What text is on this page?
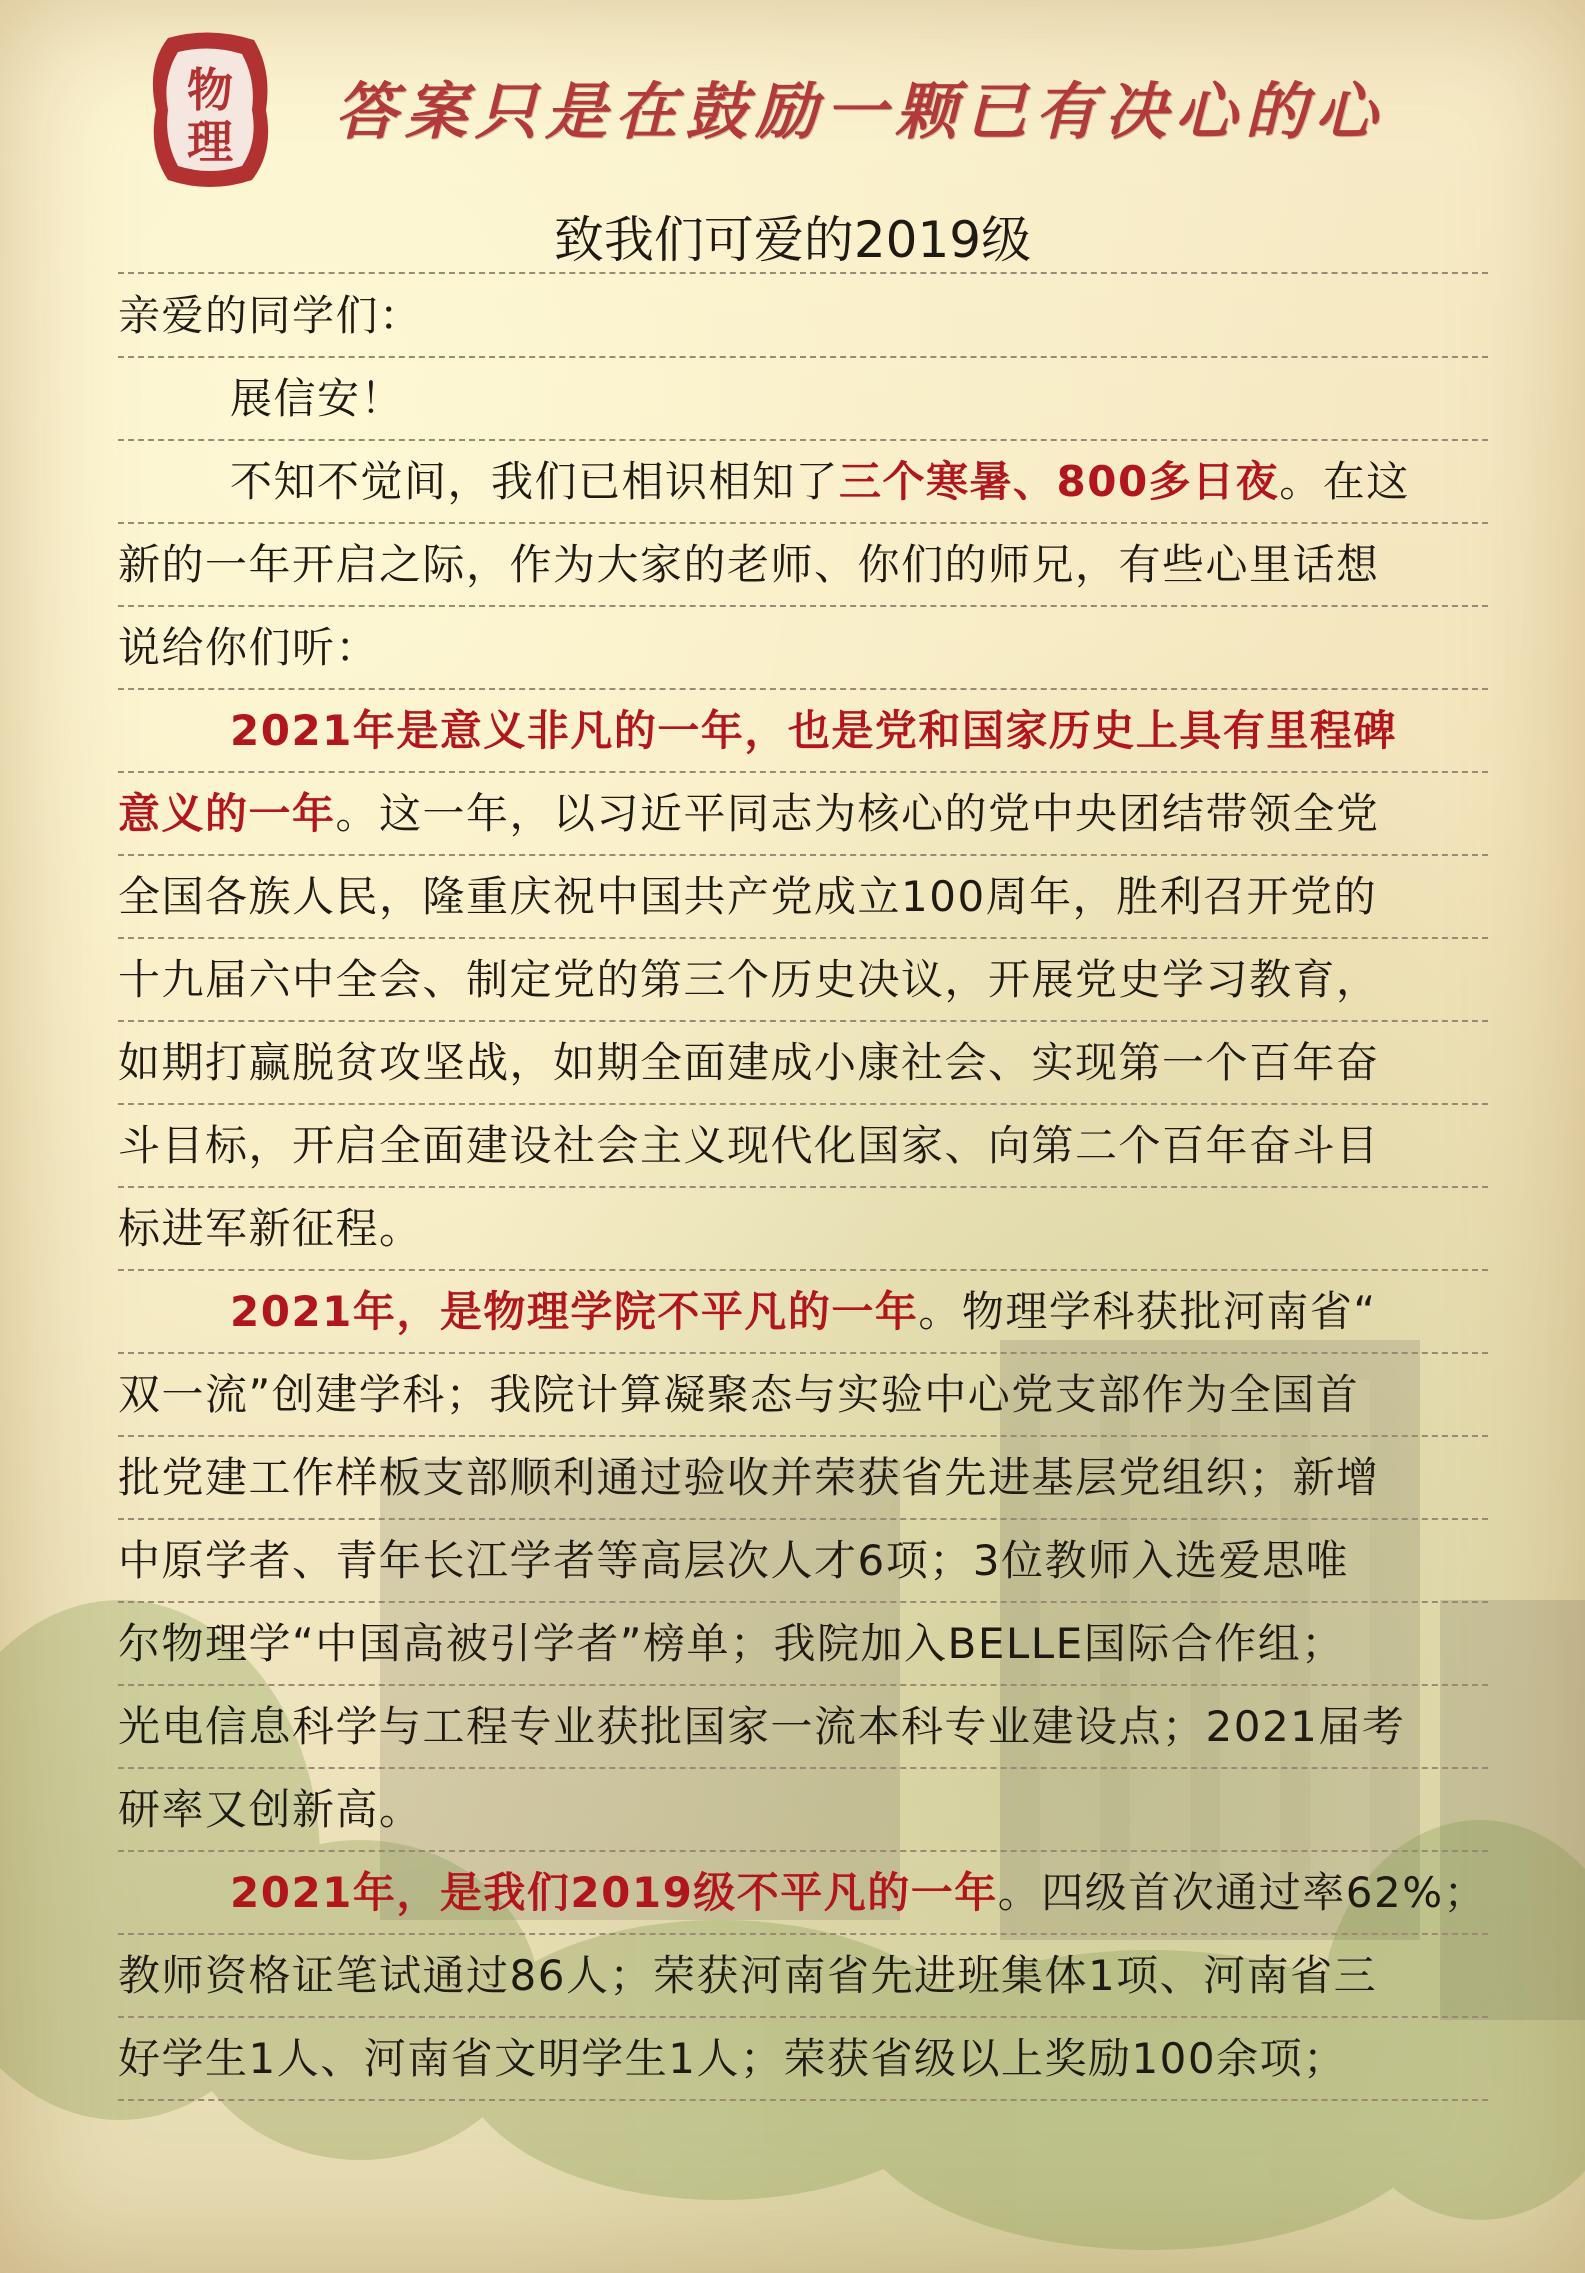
物
理 答案只是在鼓励一颗已有决心的心
致我们可爱的2019级
亲爱的同学们：
展信安！
不知不觉间，我们已相识相知了三个寒暑、800多日夜。在这
新的一年开启之际，作为大家的老师、你们的师兄，有些心里话想
说给你们听：
2021年是意义非凡的一年，也是党和国家历史上具有里程碑
意义的一年。这一年，以习近平同志为核心的党中央团结带领全党
全国各族人民，隆重庆祝中国共产党成立100周年，胜利召开党的
十九届六中全会、制定党的第三个历史决议，开展党史学习教育，
如期打赢脱贫攻坚战，如期全面建成小康社会、实现第一个百年奋
斗目标，开启全面建设社会主义现代化国家、向第二个百年奋斗目
标进军新征程。
2021年，是物理学院不平凡的一年。物理学科获批河南省“
双一流”创建学科；我院计算凝聚态与实验中心党支部作为全国首
批党建工作样板支部顺利通过验收并荣获省先进基层党组织；新增
中原学者、青年长江学者等高层次人才6项；3位教师入选爱思唯
尔物理学“中国高被引学者”榜单；我院加入BELLE国际合作组；
光电信息科学与工程专业获批国家一流本科专业建设点；2021届考
研率又创新高。
2021年，是我们2019级不平凡的一年。四级首次通过率62%；
教师资格证笔试通过86人；荣获河南省先进班集体1项、河南省三
好学生1人、河南省文明学生1人；荣获省级以上奖励100余项；
